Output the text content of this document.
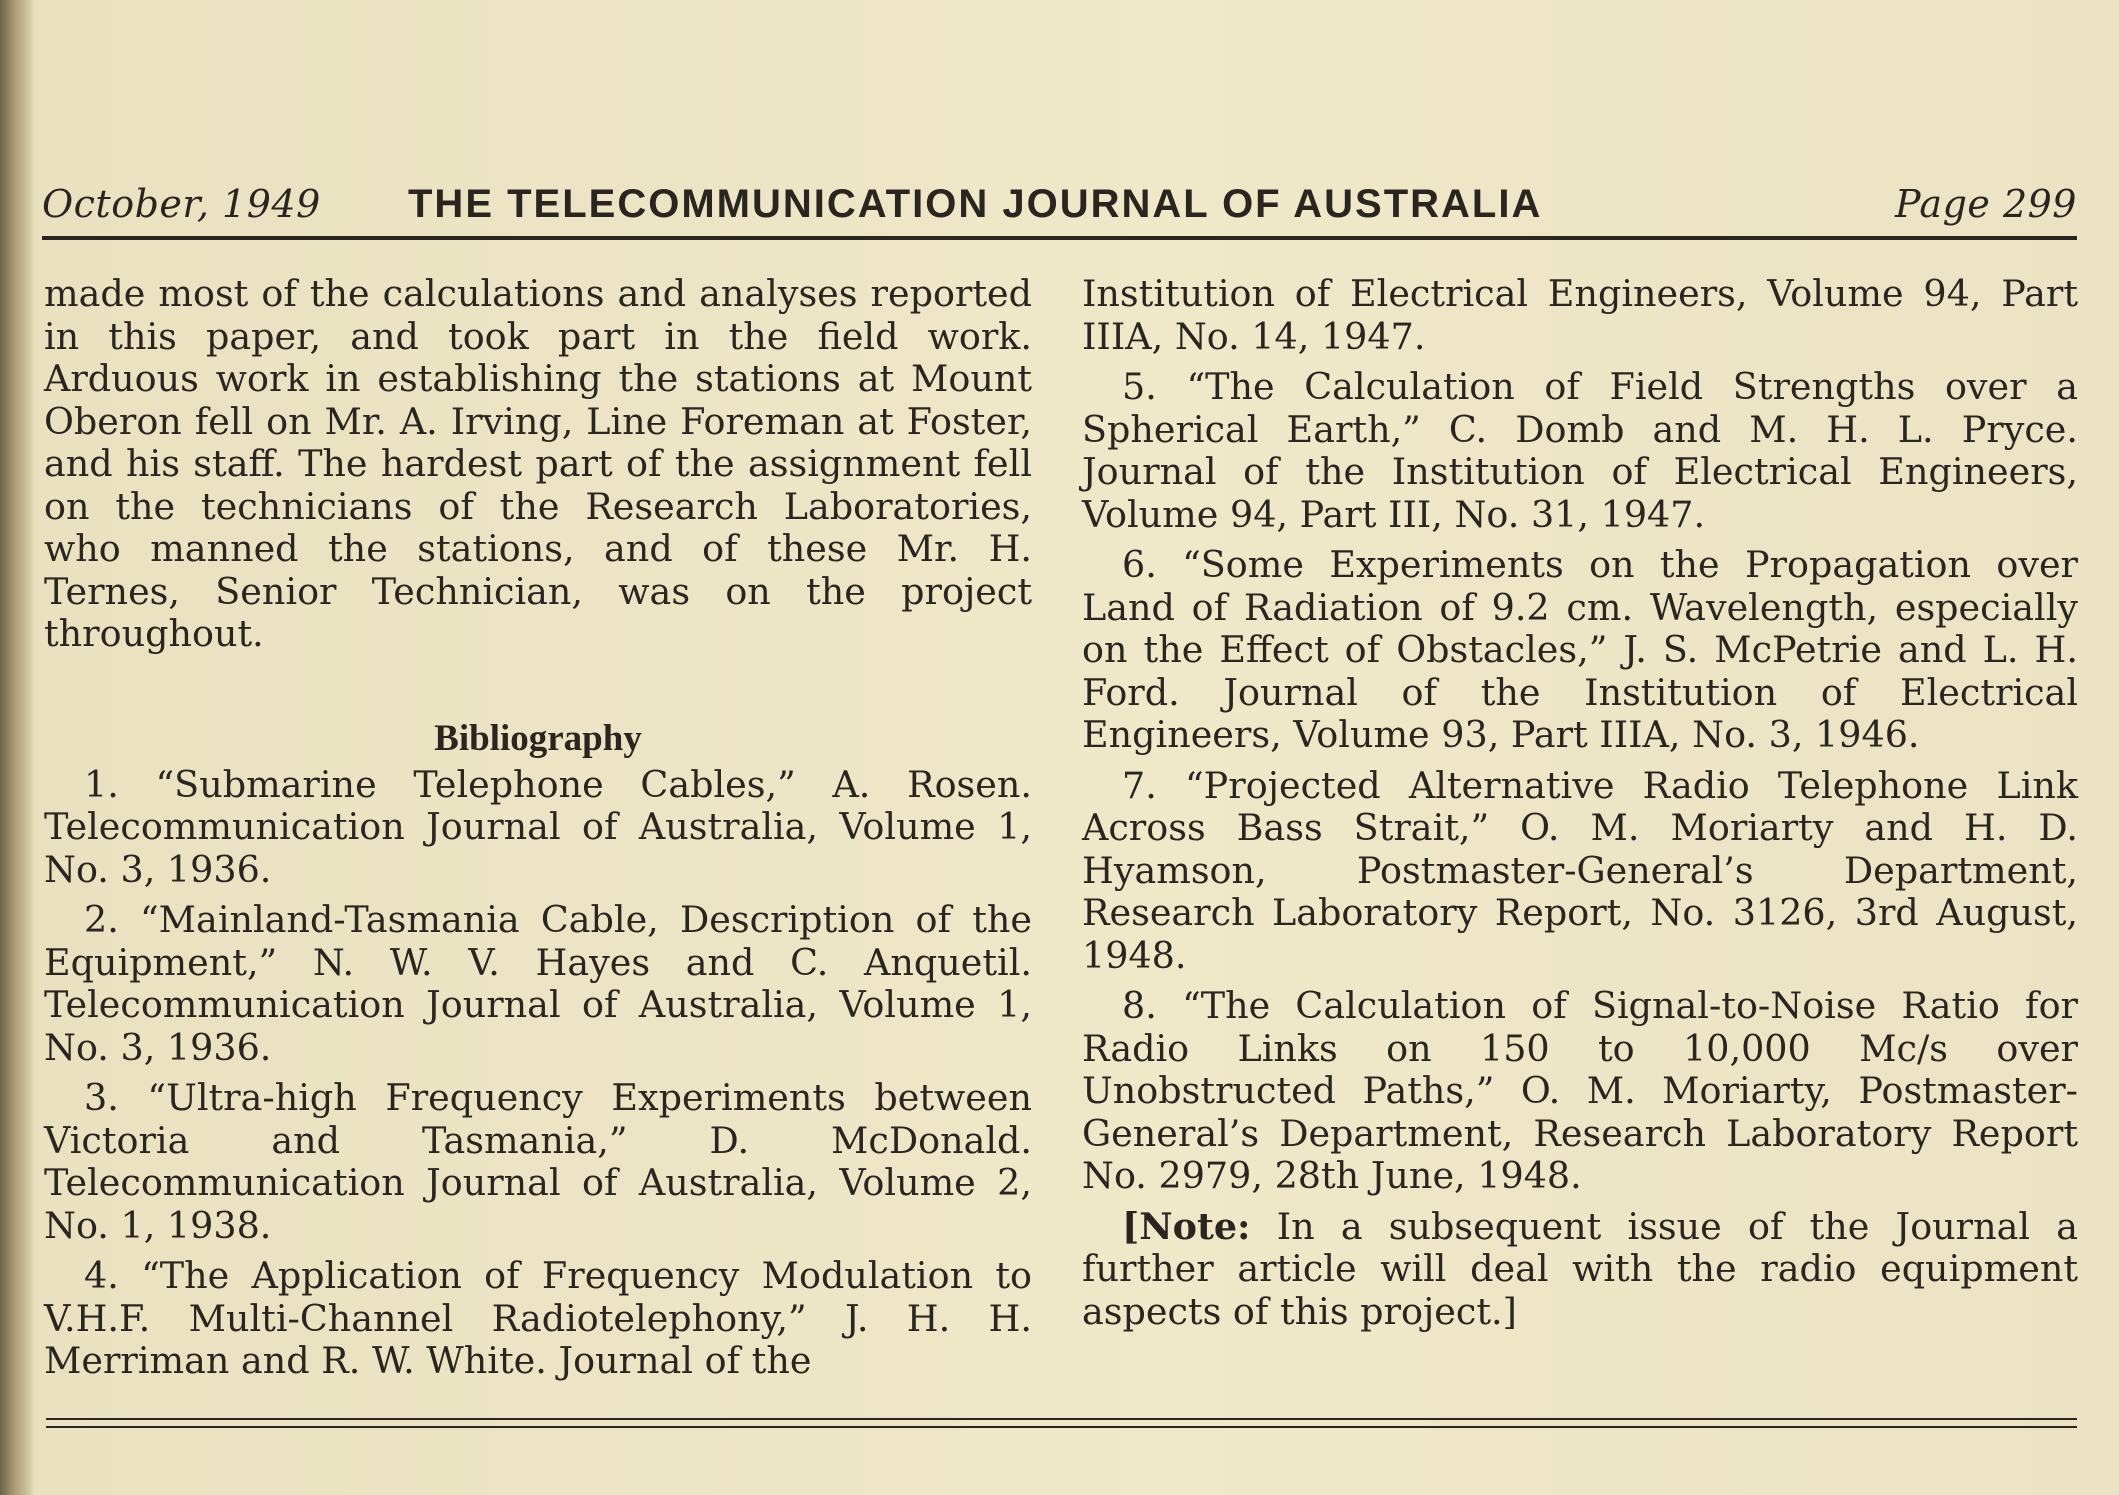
October, 1949 THE TELECOMMUNICATION JOURNAL OF AUSTRALIA	Page 299

made most of the calculations and analyses reported in this paper, and took part in the field work. Arduous work in establishing the stations at Mount Oberon fell on Mr. A. Irving, Line Foreman at Foster, and his staff. The hardest part of the assignment fell on the technicians of the Research Laboratories, who manned the stations, and of these Mr. H. Ternes, Senior Technician, was on the project throughout.

Bibliography

1. “Submarine Telephone Cables,” A. Rosen. Telecommunication Journal of Australia, Volume 1, No. 3, 1936.

2. “Mainland-Tasmania Cable, Description of the Equipment,” N. W. V. Hayes and C. Anquetil. Telecommunication Journal of Australia, Volume 1, No. 3, 1936.

3. “Ultra-high Frequency Experiments between Victoria and Tasmania,” D. McDonald. Telecommunication Journal of Australia, Volume 2, No. 1, 1938.

4. “The Application of Frequency Modulation to V.H.F. Multi-Channel Radiotelephony,” J. H. H. Merriman and R. W. White. Journal of the

Institution of Electrical Engineers, Volume 94, Part IIIA, No. 14, 1947.

5. “The Calculation of Field Strengths over a Spherical Earth,” C. Domb and M. H. L. Pryce. Journal of the Institution of Electrical Engineers, Volume 94, Part III, No. 31, 1947.

6. “Some Experiments on the Propagation over Land of Radiation of 9.2 cm. Wavelength, especially on the Effect of Obstacles,” J. S. McPetrie and L. H. Ford. Journal of the Institution of Electrical Engineers, Volume 93, Part IIIA, No. 3, 1946.

7. “Projected Alternative Radio Telephone Link Across Bass Strait,” O. M. Moriarty and H. D. Hyamson, Postmaster-General’s Department, Research Laboratory Report, No. 3126, 3rd August, 1948.

8. “The Calculation of Signal-to-Noise Ratio for Radio Links on 150 to 10,000 Mc/s over Unobstructed Paths,” O. M. Moriarty, Postmaster-General’s Department, Research Laboratory Report No. 2979, 28th June, 1948.

[Note: In a subsequent issue of the Journal a further article will deal with the radio equipment aspects of this project.]
